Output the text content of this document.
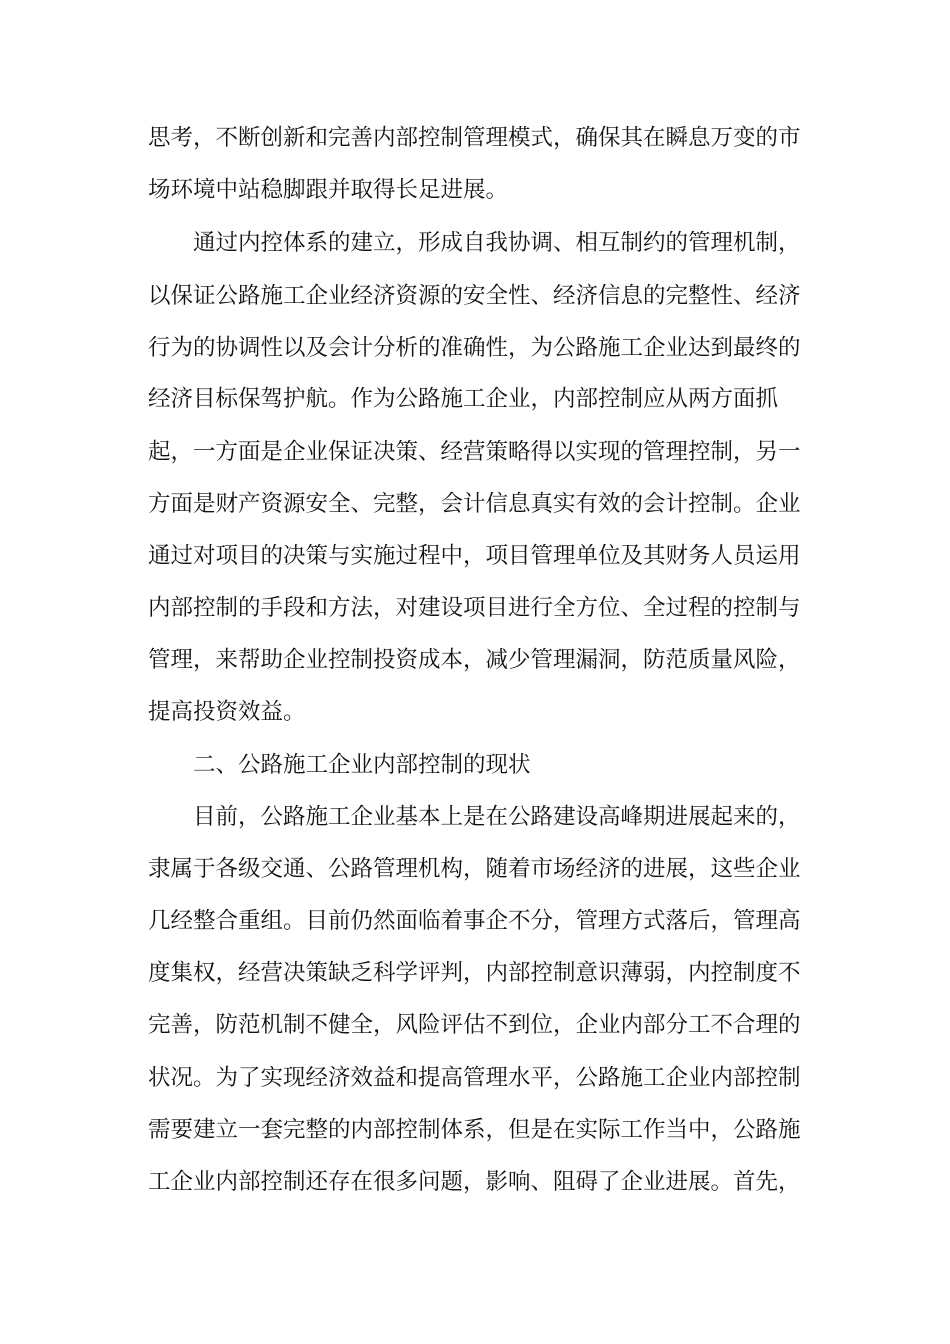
思考，不断创新和完善内部控制管理模式，确保其在瞬息万变的市
场环境中站稳脚跟并取得长足进展。
通过内控体系的建立，形成自我协调、相互制约的管理机制，
以保证公路施工企业经济资源的安全性、经济信息的完整性、经济
行为的协调性以及会计分析的准确性，为公路施工企业达到最终的
经济目标保驾护航。作为公路施工企业，内部控制应从两方面抓
起，一方面是企业保证决策、经营策略得以实现的管理控制，另一
方面是财产资源安全、完整，会计信息真实有效的会计控制。企业
通过对项目的决策与实施过程中，项目管理单位及其财务人员运用
内部控制的手段和方法，对建设项目进行全方位、全过程的控制与
管理，来帮助企业控制投资成本，减少管理漏洞，防范质量风险，
提高投资效益。
二、公路施工企业内部控制的现状
目前，公路施工企业基本上是在公路建设高峰期进展起来的，
隶属于各级交通、公路管理机构，随着市场经济的进展，这些企业
几经整合重组。目前仍然面临着事企不分，管理方式落后，管理高
度集权，经营决策缺乏科学评判，内部控制意识薄弱，内控制度不
完善，防范机制不健全，风险评估不到位，企业内部分工不合理的
状况。为了实现经济效益和提高管理水平，公路施工企业内部控制
需要建立一套完整的内部控制体系，但是在实际工作当中，公路施
工企业内部控制还存在很多问题，影响、阻碍了企业进展。首先，
